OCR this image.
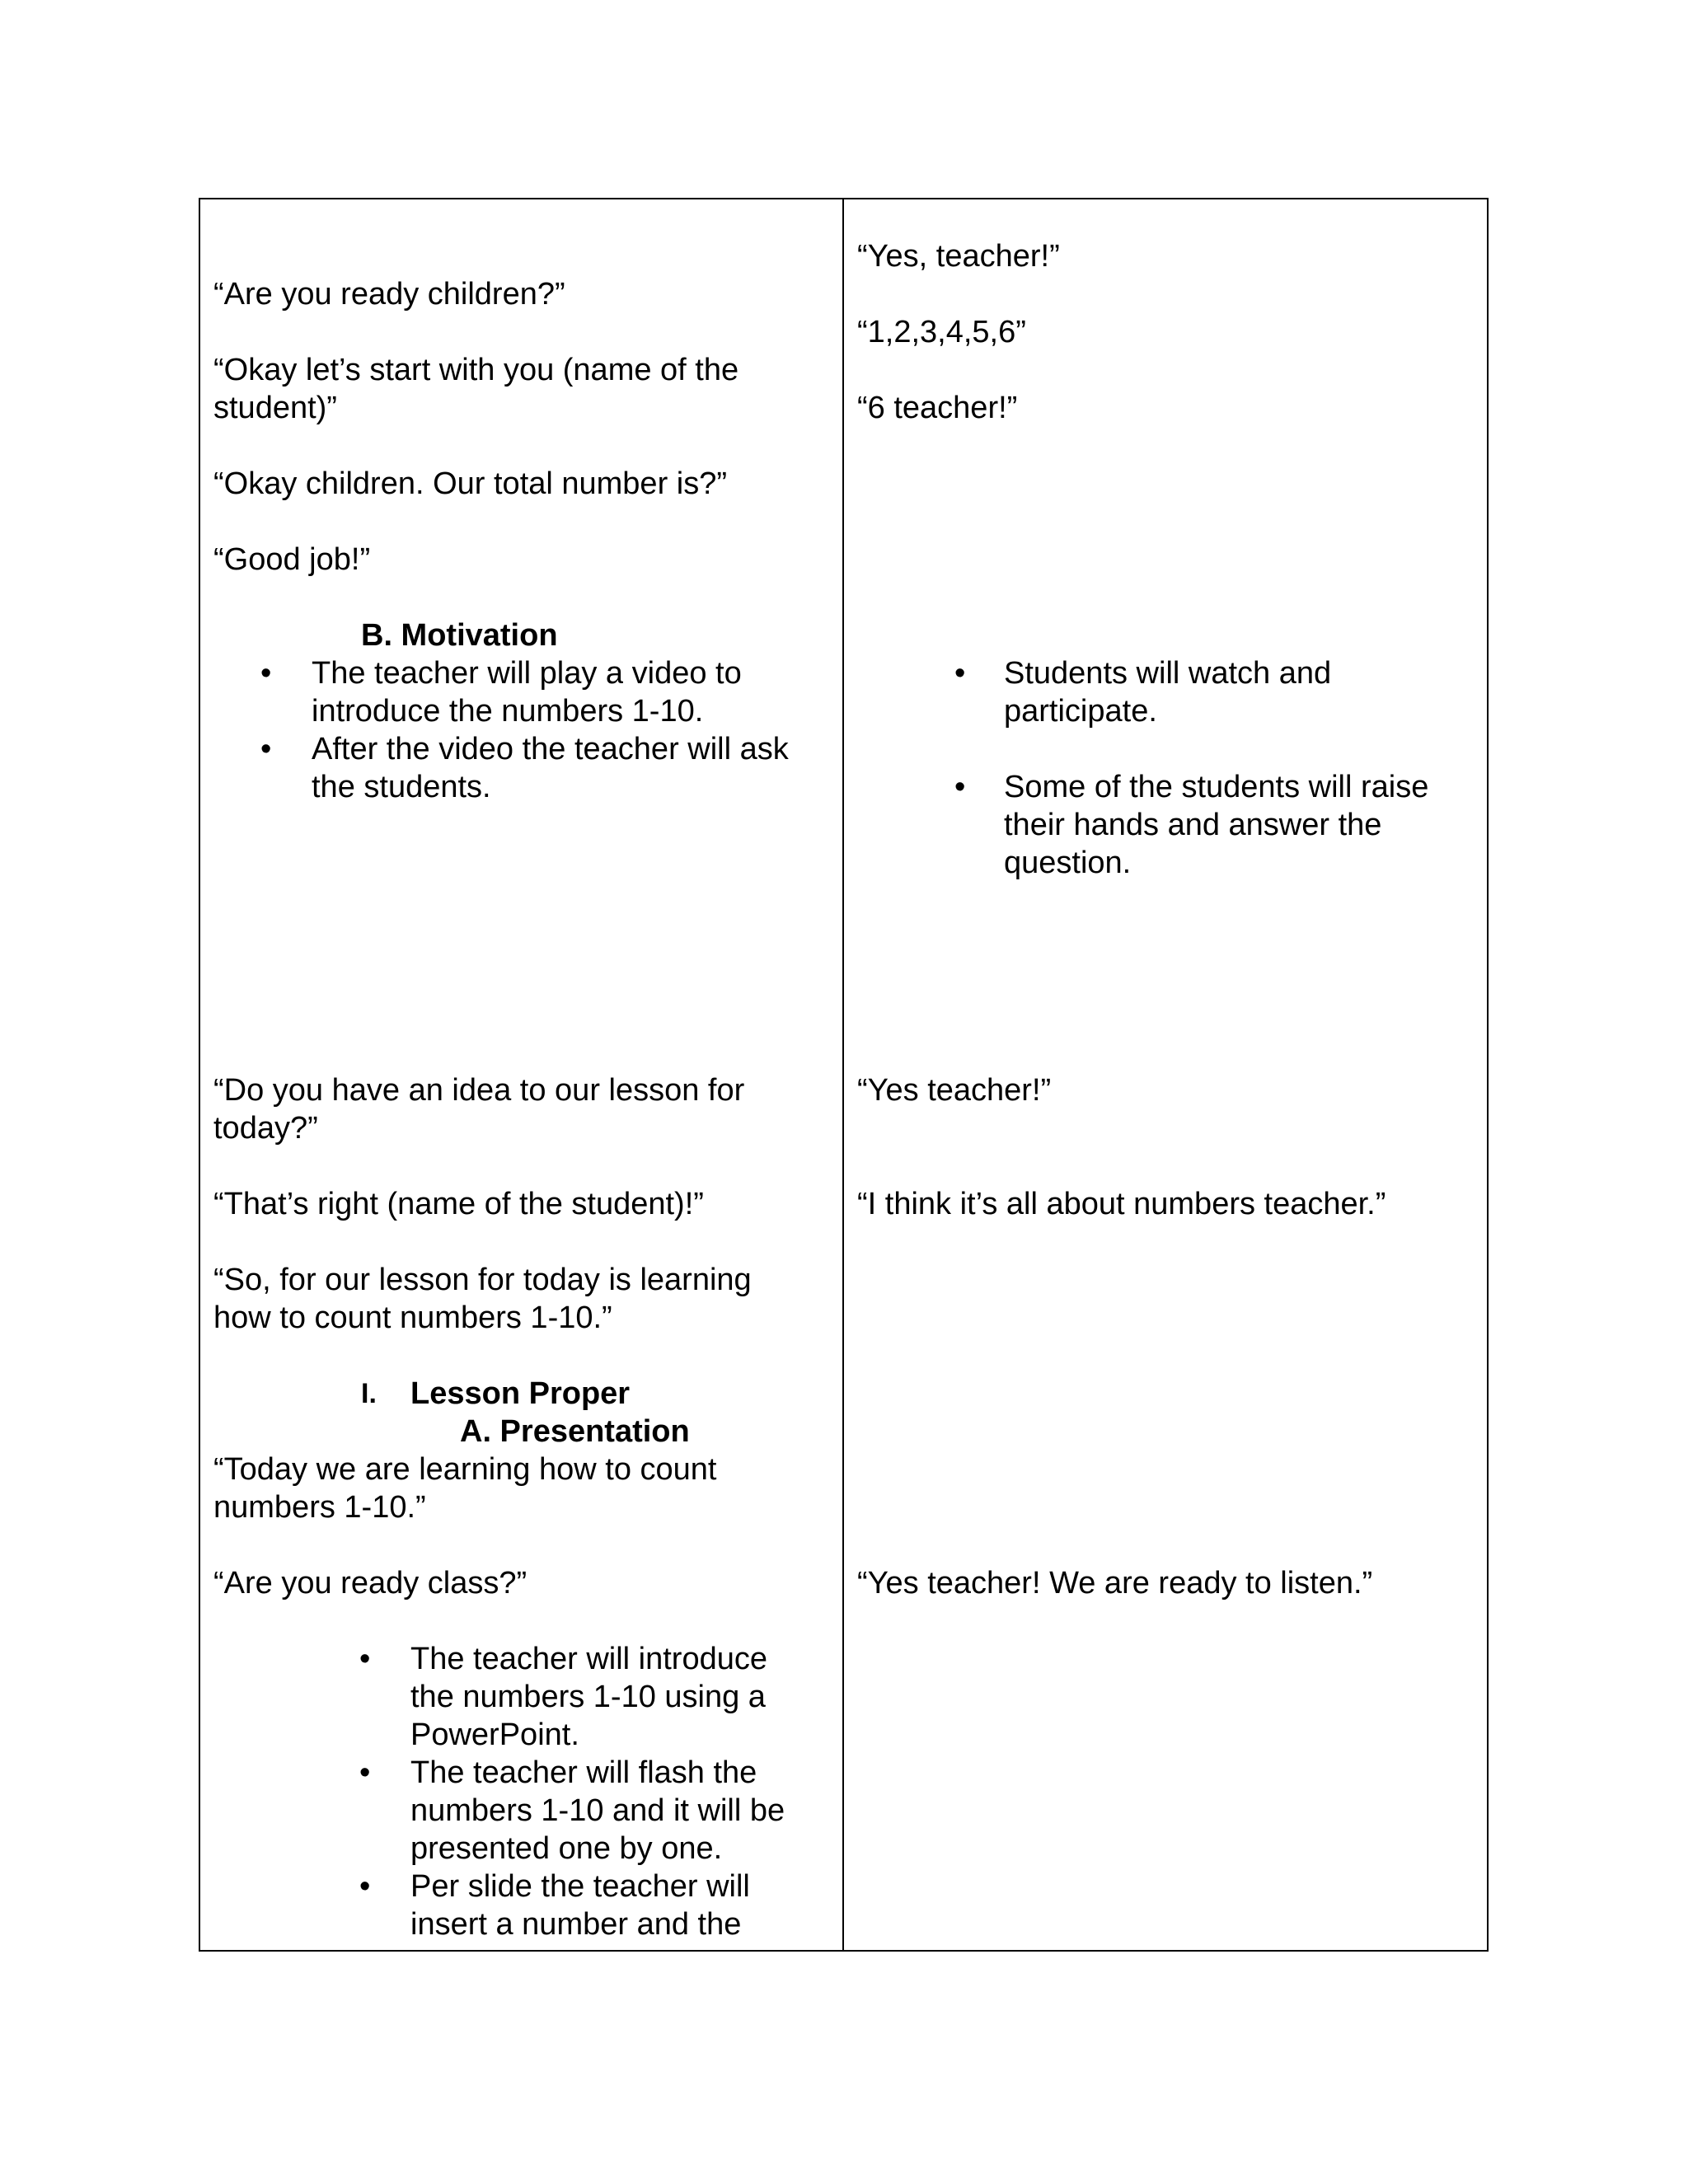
“Are you ready children?”
“Okay let’s start with you (name of the
student)”
“Okay children. Our total number is?”
“Good job!”
B. Motivation
• The teacher will play a video to
introduce the numbers 1-10.
• After the video the teacher will ask
the students.
“Do you have an idea to our lesson for
today?”
“That’s right (name of the student)!”
“So, for our lesson for today is learning
how to count numbers 1-10.”
I. Lesson Proper
A. Presentation
“Today we are learning how to count
numbers 1-10.”
“Are you ready class?”
• The teacher will introduce
the numbers 1-10 using a
PowerPoint.
• The teacher will flash the
numbers 1-10 and it will be
presented one by one.
• Per slide the teacher will
insert a number and the
“Yes, teacher!”
“1,2,3,4,5,6”
“6 teacher!”
• Students will watch and
participate.
• Some of the students will raise
their hands and answer the
question.
“Yes teacher!”
“I think it’s all about numbers teacher.”
“Yes teacher! We are ready to listen.”
